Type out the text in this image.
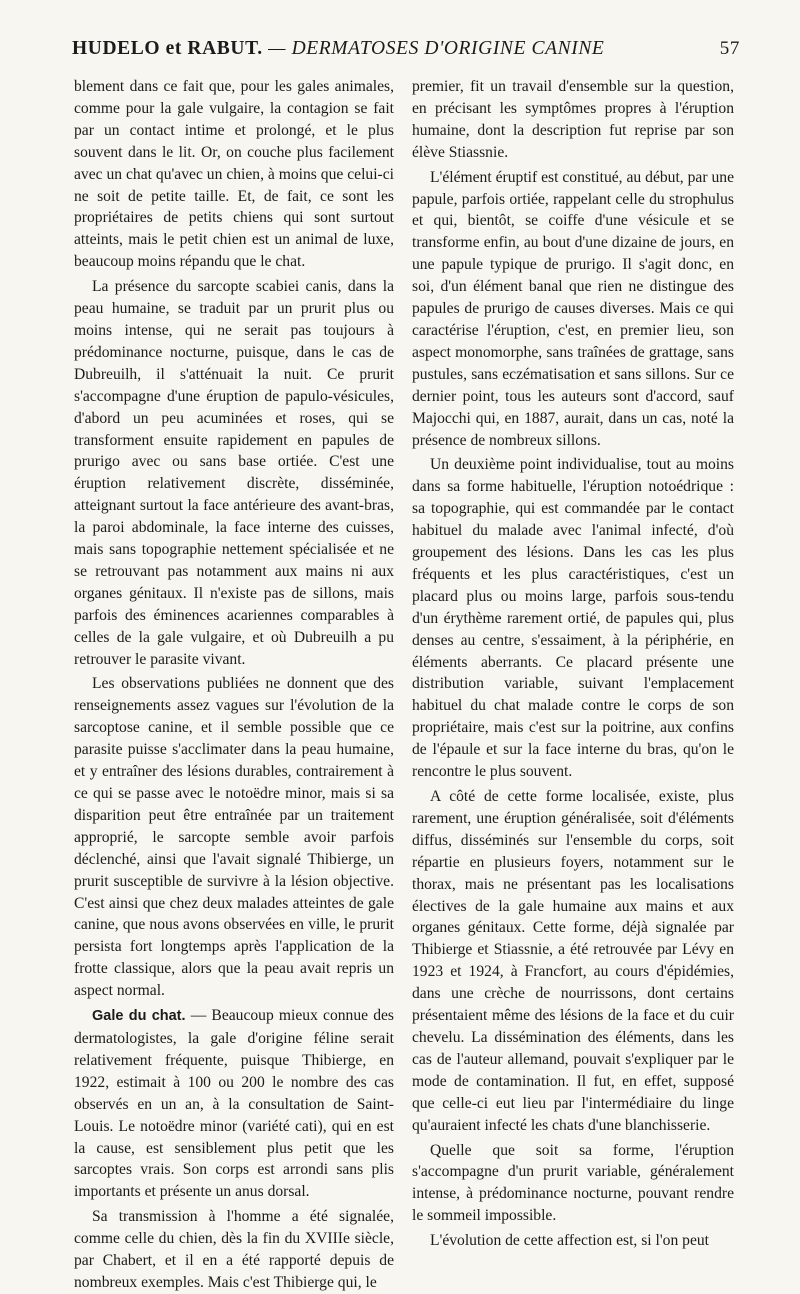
HUDELO et RABUT. — DERMATOSES D'ORIGINE CANINE	57

blement dans ce fait que, pour les gales animales, comme pour la gale vulgaire, la contagion se fait par un contact intime et prolongé, et le plus souvent dans le lit. Or, on couche plus facilement avec un chat qu'avec un chien, à moins que celui-ci ne soit de petite taille. Et, de fait, ce sont les propriétaires de petits chiens qui sont surtout atteints, mais le petit chien est un animal de luxe, beaucoup moins répandu que le chat.

La présence du sarcopte scabiei canis, dans la peau humaine, se traduit par un prurit plus ou moins intense, qui ne serait pas toujours à prédominance nocturne, puisque, dans le cas de Dubreuilh, il s'atténuait la nuit. Ce prurit s'accompagne d'une éruption de papulo-vésicules, d'abord un peu acuminées et roses, qui se transforment ensuite rapidement en papules de prurigo avec ou sans base ortiée. C'est une éruption relativement discrète, disséminée, atteignant surtout la face antérieure des avant-bras, la paroi abdominale, la face interne des cuisses, mais sans topographie nettement spécialisée et ne se retrouvant pas notamment aux mains ni aux organes génitaux. Il n'existe pas de sillons, mais parfois des éminences acariennes comparables à celles de la gale vulgaire, et où Dubreuilh a pu retrouver le parasite vivant.

Les observations publiées ne donnent que des renseignements assez vagues sur l'évolution de la sarcoptose canine, et il semble possible que ce parasite puisse s'acclimater dans la peau humaine, et y entraîner des lésions durables, contrairement à ce qui se passe avec le notoëdre minor, mais si sa disparition peut être entraînée par un traitement approprié, le sarcopte semble avoir parfois déclenché, ainsi que l'avait signalé Thibierge, un prurit susceptible de survivre à la lésion objective. C'est ainsi que chez deux malades atteintes de gale canine, que nous avons observées en ville, le prurit persista fort longtemps après l'application de la frotte classique, alors que la peau avait repris un aspect normal.

Gale du chat. — Beaucoup mieux connue des dermatologistes, la gale d'origine féline serait relativement fréquente, puisque Thibierge, en 1922, estimait à 100 ou 200 le nombre des cas observés en un an, à la consultation de Saint-Louis. Le notoëdre minor (variété cati), qui en est la cause, est sensiblement plus petit que les sarcoptes vrais. Son corps est arrondi sans plis importants et présente un anus dorsal.

Sa transmission à l'homme a été signalée, comme celle du chien, dès la fin du XVIIIe siècle, par Chabert, et il en a été rapporté depuis de nombreux exemples. Mais c'est Thibierge qui, le

premier, fit un travail d'ensemble sur la question, en précisant les symptômes propres à l'éruption humaine, dont la description fut reprise par son élève Stiassnie.

L'élément éruptif est constitué, au début, par une papule, parfois ortiée, rappelant celle du strophulus et qui, bientôt, se coiffe d'une vésicule et se transforme enfin, au bout d'une dizaine de jours, en une papule typique de prurigo. Il s'agit donc, en soi, d'un élément banal que rien ne distingue des papules de prurigo de causes diverses. Mais ce qui caractérise l'éruption, c'est, en premier lieu, son aspect monomorphe, sans traînées de grattage, sans pustules, sans eczématisation et sans sillons. Sur ce dernier point, tous les auteurs sont d'accord, sauf Majocchi qui, en 1887, aurait, dans un cas, noté la présence de nombreux sillons.

Un deuxième point individualise, tout au moins dans sa forme habituelle, l'éruption notoédrique : sa topographie, qui est commandée par le contact habituel du malade avec l'animal infecté, d'où groupement des lésions. Dans les cas les plus fréquents et les plus caractéristiques, c'est un placard plus ou moins large, parfois sous-tendu d'un érythème rarement ortié, de papules qui, plus denses au centre, s'essaiment, à la périphérie, en éléments aberrants. Ce placard présente une distribution variable, suivant l'emplacement habituel du chat malade contre le corps de son propriétaire, mais c'est sur la poitrine, aux confins de l'épaule et sur la face interne du bras, qu'on le rencontre le plus souvent.

A côté de cette forme localisée, existe, plus rarement, une éruption généralisée, soit d'éléments diffus, disséminés sur l'ensemble du corps, soit répartie en plusieurs foyers, notamment sur le thorax, mais ne présentant pas les localisations électives de la gale humaine aux mains et aux organes génitaux. Cette forme, déjà signalée par Thibierge et Stiassnie, a été retrouvée par Lévy en 1923 et 1924, à Francfort, au cours d'épidémies, dans une crèche de nourrissons, dont certains présentaient même des lésions de la face et du cuir chevelu. La dissémination des éléments, dans les cas de l'auteur allemand, pouvait s'expliquer par le mode de contamination. Il fut, en effet, supposé que celle-ci eut lieu par l'intermédiaire du linge qu'auraient infecté les chats d'une blanchisserie.

Quelle que soit sa forme, l'éruption s'accompagne d'un prurit variable, généralement intense, à prédominance nocturne, pouvant rendre le sommeil impossible.

L'évolution de cette affection est, si l'on peut
